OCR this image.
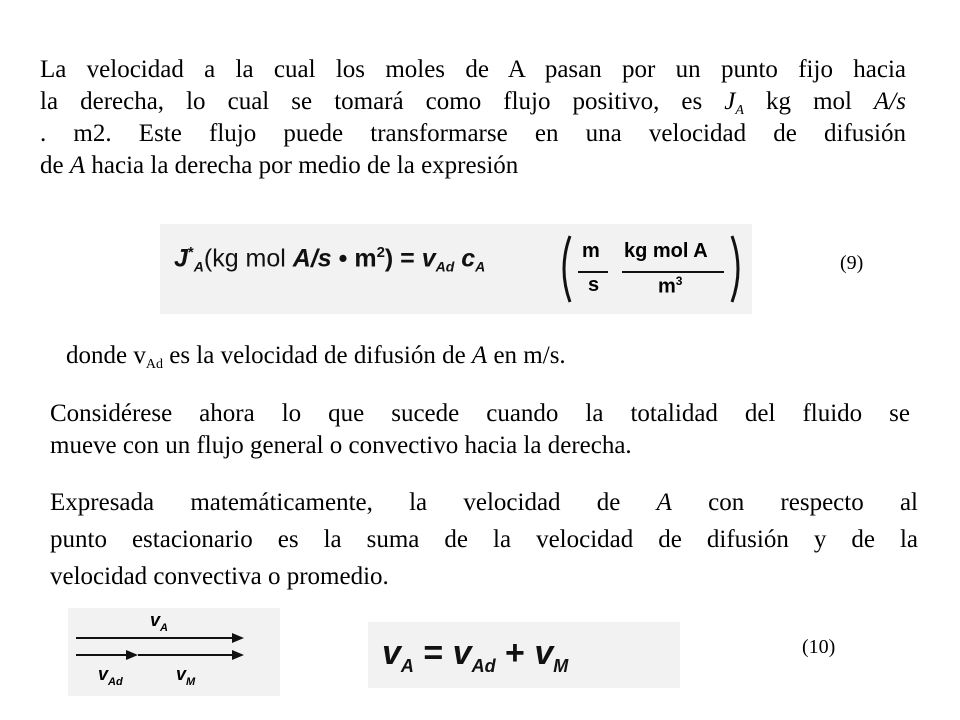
La velocidad a la cual los moles de A pasan por un punto fijo hacia
la derecha, lo cual se tomará como flujo positivo, es $J_A$ kg mol A/s
. m2. Este flujo puede transformarse en una velocidad de difusión
de A hacia la derecha por medio de la expresión
$J^*_A(kg$ mol A/s • $m^2) = v_{Ad}$ $c_A$
m
s
kg mol A
$m^3$
(9)
donde $v_{Ad}$ es la velocidad de difusión de A en m/s.
Considérese ahora lo que sucede cuando la totalidad del fluido se
mueve con un flujo general o convectivo hacia la derecha.
Expresada matemáticamente, la velocidad de A con respecto al
punto estacionario es la suma de la velocidad de difusión y de la
velocidad convectiva o promedio.
$v_A$
$v_{Ad}$	$v_M$
$v_A = v_{Ad} + v_M$
(10)
